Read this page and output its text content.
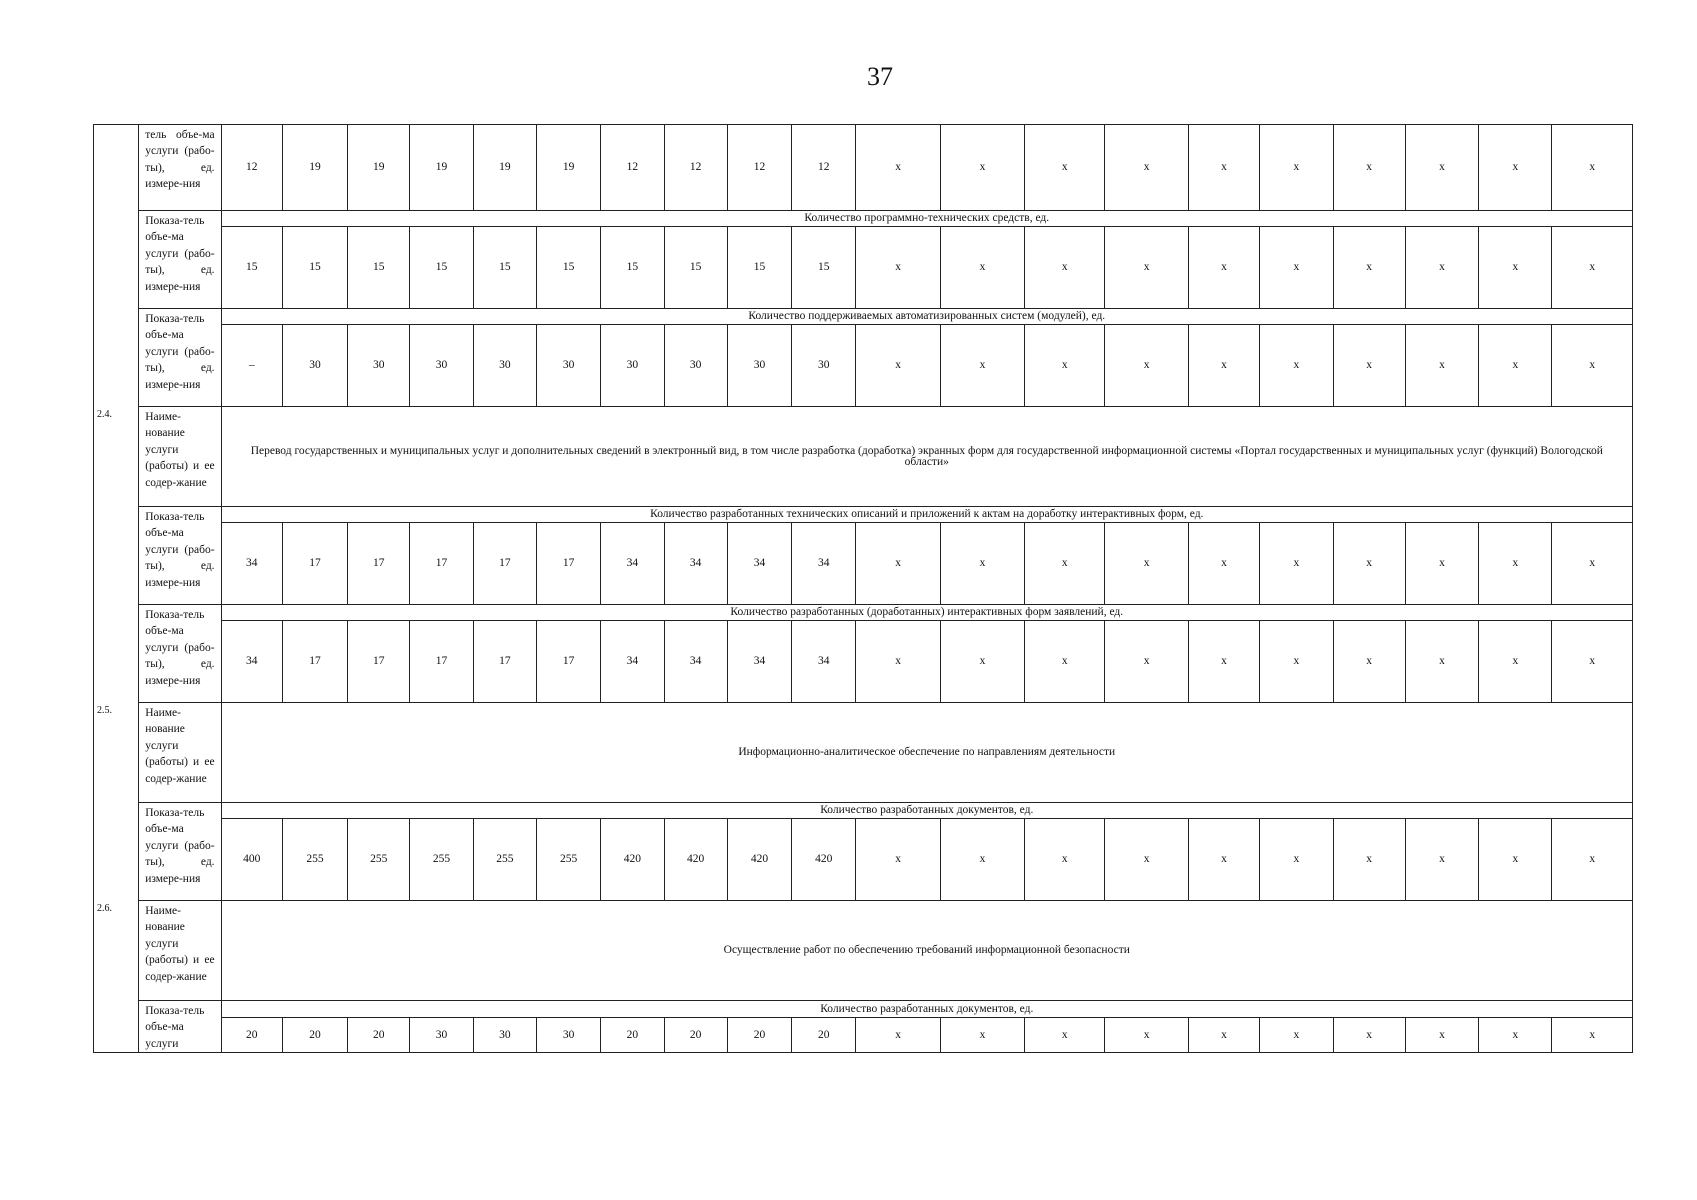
37
	тель объе-ма услуги (рабо-ты), ед. измере-ния	12	19	19	19	19	19	12	12	12	12	x	x	x	x	x	x	x	x	x	x
	Показа-тель объе-ма услуги (рабо-ты), ед. измере-ния	Количество программно-технических средств, ед.																			
		15	15	15	15	15	15	15	15	15	15	x	x	x	x	x	x	x	x	x	x
	Показа-тель объе-ма услуги (рабо-ты), ед. измере-ния	Количество поддерживаемых автоматизированных систем (модулей), ед.																			
		–	30	30	30	30	30	30	30	30	30	x	x	x	x	x	x	x	x	x	x
2.4.	Наиме-нование услуги (работы) и ее содер-жание	Перевод государственных и муниципальных услуг и дополнительных сведений в электронный вид, в том числе разработка (доработка) экранных форм для государственной информационной системы «Портал государственных и муниципальных услуг (функций) Вологодской области»																			
	Показа-тель объе-ма услуги (рабо-ты), ед. измере-ния	Количество разработанных технических описаний и приложений к актам на доработку интерактивных форм, ед.																			
		34	17	17	17	17	17	34	34	34	34	x	x	x	x	x	x	x	x	x	x
	Показа-тель объе-ма услуги (рабо-ты), ед. измере-ния	Количество разработанных (доработанных) интерактивных форм заявлений, ед.																			
		34	17	17	17	17	17	34	34	34	34	x	x	x	x	x	x	x	x	x	x
2.5.	Наиме-нование услуги (работы) и ее содер-жание	Информационно-аналитическое обеспечение по направлениям деятельности																			
	Показа-тель объе-ма услуги (рабо-ты), ед. измере-ния	Количество разработанных документов, ед.																			
		400	255	255	255	255	255	420	420	420	420	x	x	x	x	x	x	x	x	x	x
2.6.	Наиме-нование услуги (работы) и ее содер-жание	Осуществление работ по обеспечению требований информационной безопасности																			
	Показа-тель объе-ма услуги	Количество разработанных документов, ед.																			
		20	20	20	30	30	30	20	20	20	20	x	x	x	x	x	x	x	x	x	x
